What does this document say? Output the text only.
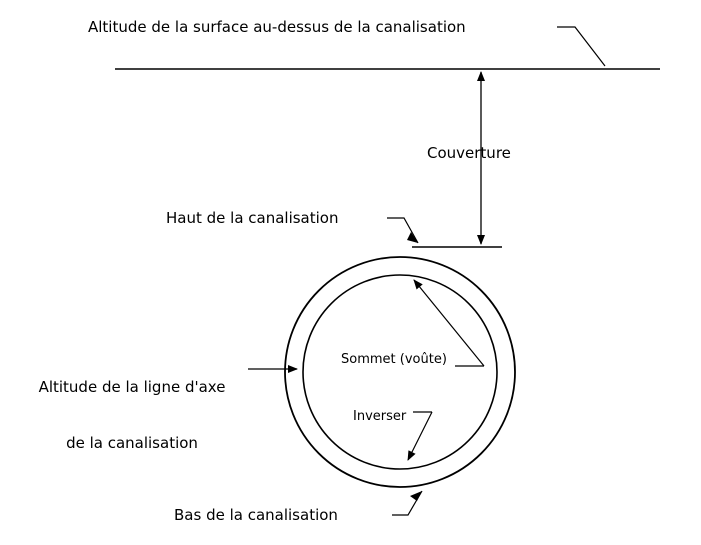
Altitude de la surface au-dessus de la canalisation
Couverture
Haut de la canalisation

Altitude de la ligne d'axe

de la canalisation

Sommet (voûte)
Inverser
Bas de la canalisation
